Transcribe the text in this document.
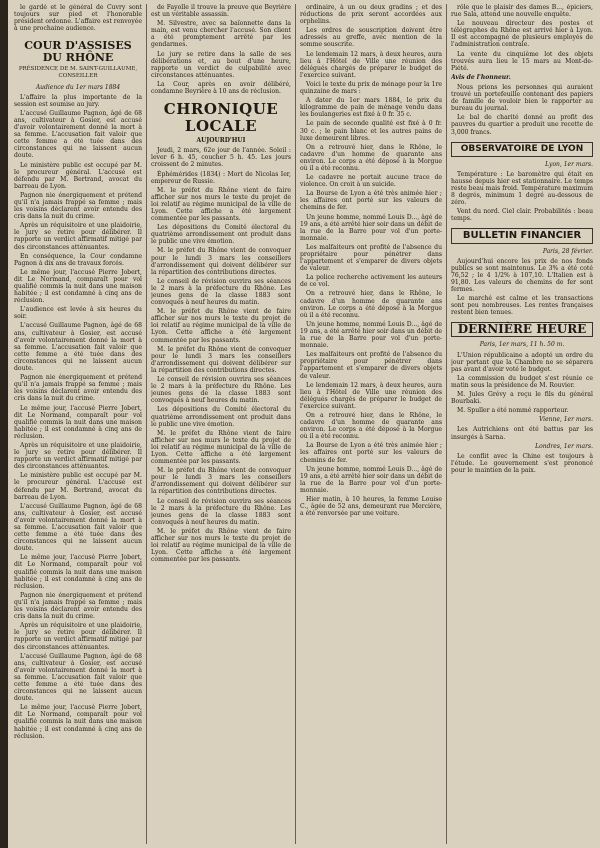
le gardé et le général de Cuvry sont toujours sur pied et l'honorable président ordonne. L'affaire est renvoyée à une prochaine audience.

COUR D'ASSISES DU RHÔNE
PRÉSIDENCE DE M. SAINT-GUILLAUME, CONSEILLER
Audience du 1er mars 1884

L'affaire la plus importante de la session est soumise au jury.

L'accusé Guillaume Pagnon, âgé de 68 ans, cultivateur à Gosier, est accusé d'avoir volontairement donné la mort à sa femme. L'accusation fait valoir que cette femme a été tuée dans des circonstances qui ne laissent aucun doute.

Le ministère public est occupé par M. le procureur général. L'accusé est défendu par M. Bertrand, avocat du barreau de Lyon.

Pagnon nie énergiquement et prétend qu'il n'a jamais frappé sa femme ; mais les voisins déclarent avoir entendu des cris dans la nuit du crime.

Après un réquisitoire et une plaidoirie, le jury se retire pour délibérer. Il rapporte un verdict affirmatif mitigé par des circonstances atténuantes.

En conséquence, la Cour condamne Pagnon à dix ans de travaux forcés.

Le même jour, l'accusé Pierre Jobert, dit Le Normand, comparaît pour vol qualifié commis la nuit dans une maison habitée ; il est condamné à cinq ans de réclusion.

L'audience est levée à six heures du soir.

L'accusé Guillaume Pagnon, âgé de 68 ans, cultivateur à Gosier, est accusé d'avoir volontairement donné la mort à sa femme. L'accusation fait valoir que cette femme a été tuée dans des circonstances qui ne laissent aucun doute.

Pagnon nie énergiquement et prétend qu'il n'a jamais frappé sa femme ; mais les voisins déclarent avoir entendu des cris dans la nuit du crime.

Le même jour, l'accusé Pierre Jobert, dit Le Normand, comparaît pour vol qualifié commis la nuit dans une maison habitée ; il est condamné à cinq ans de réclusion.

Après un réquisitoire et une plaidoirie, le jury se retire pour délibérer. Il rapporte un verdict affirmatif mitigé par des circonstances atténuantes.

Le ministère public est occupé par M. le procureur général. L'accusé est défendu par M. Bertrand, avocat du barreau de Lyon.

L'accusé Guillaume Pagnon, âgé de 68 ans, cultivateur à Gosier, est accusé d'avoir volontairement donné la mort à sa femme. L'accusation fait valoir que cette femme a été tuée dans des circonstances qui ne laissent aucun doute.

Le même jour, l'accusé Pierre Jobert, dit Le Normand, comparaît pour vol qualifié commis la nuit dans une maison habitée ; il est condamné à cinq ans de réclusion.

Pagnon nie énergiquement et prétend qu'il n'a jamais frappé sa femme ; mais les voisins déclarent avoir entendu des cris dans la nuit du crime.

Après un réquisitoire et une plaidoirie, le jury se retire pour délibérer. Il rapporte un verdict affirmatif mitigé par des circonstances atténuantes.

L'accusé Guillaume Pagnon, âgé de 68 ans, cultivateur à Gosier, est accusé d'avoir volontairement donné la mort à sa femme. L'accusation fait valoir que cette femme a été tuée dans des circonstances qui ne laissent aucun doute.

Le même jour, l'accusé Pierre Jobert, dit Le Normand, comparaît pour vol qualifié commis la nuit dans une maison habitée ; il est condamné à cinq ans de réclusion.

de Fayolle il trouve la preuve que Beyrière est un véritable assassin.

M. Silvestre, avec sa baïonnette dans la main, est venu chercher l'accusé. Son client a été promptement arrêté par les gendarmes.

Le jury se retire dans la salle de ses délibérations et, au bout d'une heure, rapporte un verdict de culpabilité avec circonstances atténuantes.

La Cour, après en avoir délibéré, condamne Beyrière à 10 ans de réclusion.

CHRONIQUE LOCALE
AUJOURD'HUI

Jeudi, 2 mars, 62e jour de l'année. Soleil : lever 6 h. 45, coucher 5 h. 45. Les jours croissent de 2 minutes.

Éphémérides (1834) : Mort de Nicolas Ier, empereur de Russie.

M. le préfet du Rhône vient de faire afficher sur nos murs le texte du projet de loi relatif au régime municipal de la ville de Lyon. Cette affiche a été largement commentée par les passants.

Les dépositions du Comité électoral du quatrième arrondissement ont produit dans le public une vive émotion.

M. le préfet du Rhône vient de convoquer pour le lundi 3 mars les conseillers d'arrondissement qui doivent délibérer sur la répartition des contributions directes.

Le conseil de révision ouvrira ses séances le 2 mars à la préfecture du Rhône. Les jeunes gens de la classe 1883 sont convoqués à neuf heures du matin.

M. le préfet du Rhône vient de faire afficher sur nos murs le texte du projet de loi relatif au régime municipal de la ville de Lyon. Cette affiche a été largement commentée par les passants.

M. le préfet du Rhône vient de convoquer pour le lundi 3 mars les conseillers d'arrondissement qui doivent délibérer sur la répartition des contributions directes.

Le conseil de révision ouvrira ses séances le 2 mars à la préfecture du Rhône. Les jeunes gens de la classe 1883 sont convoqués à neuf heures du matin.

Les dépositions du Comité électoral du quatrième arrondissement ont produit dans le public une vive émotion.

M. le préfet du Rhône vient de faire afficher sur nos murs le texte du projet de loi relatif au régime municipal de la ville de Lyon. Cette affiche a été largement commentée par les passants.

M. le préfet du Rhône vient de convoquer pour le lundi 3 mars les conseillers d'arrondissement qui doivent délibérer sur la répartition des contributions directes.

Le conseil de révision ouvrira ses séances le 2 mars à la préfecture du Rhône. Les jeunes gens de la classe 1883 sont convoqués à neuf heures du matin.

M. le préfet du Rhône vient de faire afficher sur nos murs le texte du projet de loi relatif au régime municipal de la ville de Lyon. Cette affiche a été largement commentée par les passants.

ordinaire, à un ou deux gradins ; et des réductions de prix seront accordées aux orphelins.

Les ordres de souscription doivent être adressés au greffe, avec mention de la somme souscrite.

Le lendemain 12 mars, à deux heures, aura lieu à l'Hôtel de Ville une réunion des délégués chargés de préparer le budget de l'exercice suivant.

Voici le texte du prix de ménage pour la 1re quinzaine de mars :

A dater du 1er mars 1884, le prix du kilogramme de pain de ménage vendu dans les boulangeries est fixé à 0 fr. 35 c.

Le pain de seconde qualité est fixé à 0 fr. 30 c. ; le pain blanc et les autres pains de luxe demeurent libres.

On a retrouvé hier, dans le Rhône, le cadavre d'un homme de quarante ans environ. Le corps a été déposé à la Morgue où il a été reconnu.

Le cadavre ne portait aucune trace de violence. On croit à un suicide.

La Bourse de Lyon a été très animée hier ; les affaires ont porté sur les valeurs de chemins de fer.

Un jeune homme, nommé Louis D..., âgé de 19 ans, a été arrêté hier soir dans un débit de la rue de la Barre pour vol d'un porte-monnaie.

Les malfaiteurs ont profité de l'absence du propriétaire pour pénétrer dans l'appartement et s'emparer de divers objets de valeur.

La police recherche activement les auteurs de ce vol.

On a retrouvé hier, dans le Rhône, le cadavre d'un homme de quarante ans environ. Le corps a été déposé à la Morgue où il a été reconnu.

Un jeune homme, nommé Louis D..., âgé de 19 ans, a été arrêté hier soir dans un débit de la rue de la Barre pour vol d'un porte-monnaie.

Les malfaiteurs ont profité de l'absence du propriétaire pour pénétrer dans l'appartement et s'emparer de divers objets de valeur.

Le lendemain 12 mars, à deux heures, aura lieu à l'Hôtel de Ville une réunion des délégués chargés de préparer le budget de l'exercice suivant.

On a retrouvé hier, dans le Rhône, le cadavre d'un homme de quarante ans environ. Le corps a été déposé à la Morgue où il a été reconnu.

La Bourse de Lyon a été très animée hier ; les affaires ont porté sur les valeurs de chemins de fer.

Un jeune homme, nommé Louis D..., âgé de 19 ans, a été arrêté hier soir dans un débit de la rue de la Barre pour vol d'un porte-monnaie.

Hier matin, à 10 heures, la femme Louise C., âgée de 52 ans, demeurant rue Mercière, a été renversée par une voiture.

rôle que le plaisir des dames B..., épiciers, rue Sala, attend une nouvelle enquête.

Le nouveau directeur des postes et télégraphes du Rhône est arrivé hier à Lyon. Il est accompagné de plusieurs employés de l'administration centrale.

La vente du cinquième lot des objets trouvés aura lieu le 15 mars au Mont-de-Piété.

Avis de l'honneur.

Nous prions les personnes qui auraient trouvé un portefeuille contenant des papiers de famille de vouloir bien le rapporter au bureau du journal.

Le bal de charité donné au profit des pauvres du quartier a produit une recette de 3,000 francs.

OBSERVATOIRE DE LYON
Lyon, 1er mars.

Température : Le baromètre qui était en hausse depuis hier est stationnaire. Le temps reste beau mais froid. Température maximum 8 degrés, minimum 1 degré au-dessous de zéro.

Vent du nord. Ciel clair. Probabilités : beau temps.

BULLETIN FINANCIER
Paris, 28 février.

Aujourd'hui encore les prix de nos fonds publics se sont maintenus. Le 3% a été coté 76,52 ; le 4 1/2% à 107,10. L'Italien est à 91,80. Les valeurs de chemins de fer sont fermes.

Le marché est calme et les transactions sont peu nombreuses. Les rentes françaises restent bien tenues.

DERNIÈRE HEURE
Paris, 1er mars, 11 h. 50 m.

L'Union républicaine a adopté un ordre du jour portant que la Chambre ne se séparera pas avant d'avoir voté le budget.

La commission du budget s'est réunie ce matin sous la présidence de M. Rouvier.

M. Jules Grévy a reçu le fils du général Bourbaki.

M. Spuller a été nommé rapporteur.

Vienne, 1er mars.

Les Autrichiens ont été battus par les insurgés à Sarna.

Londres, 1er mars.

Le conflit avec la Chine est toujours à l'étude. Le gouvernement s'est prononcé pour le maintien de la paix.
